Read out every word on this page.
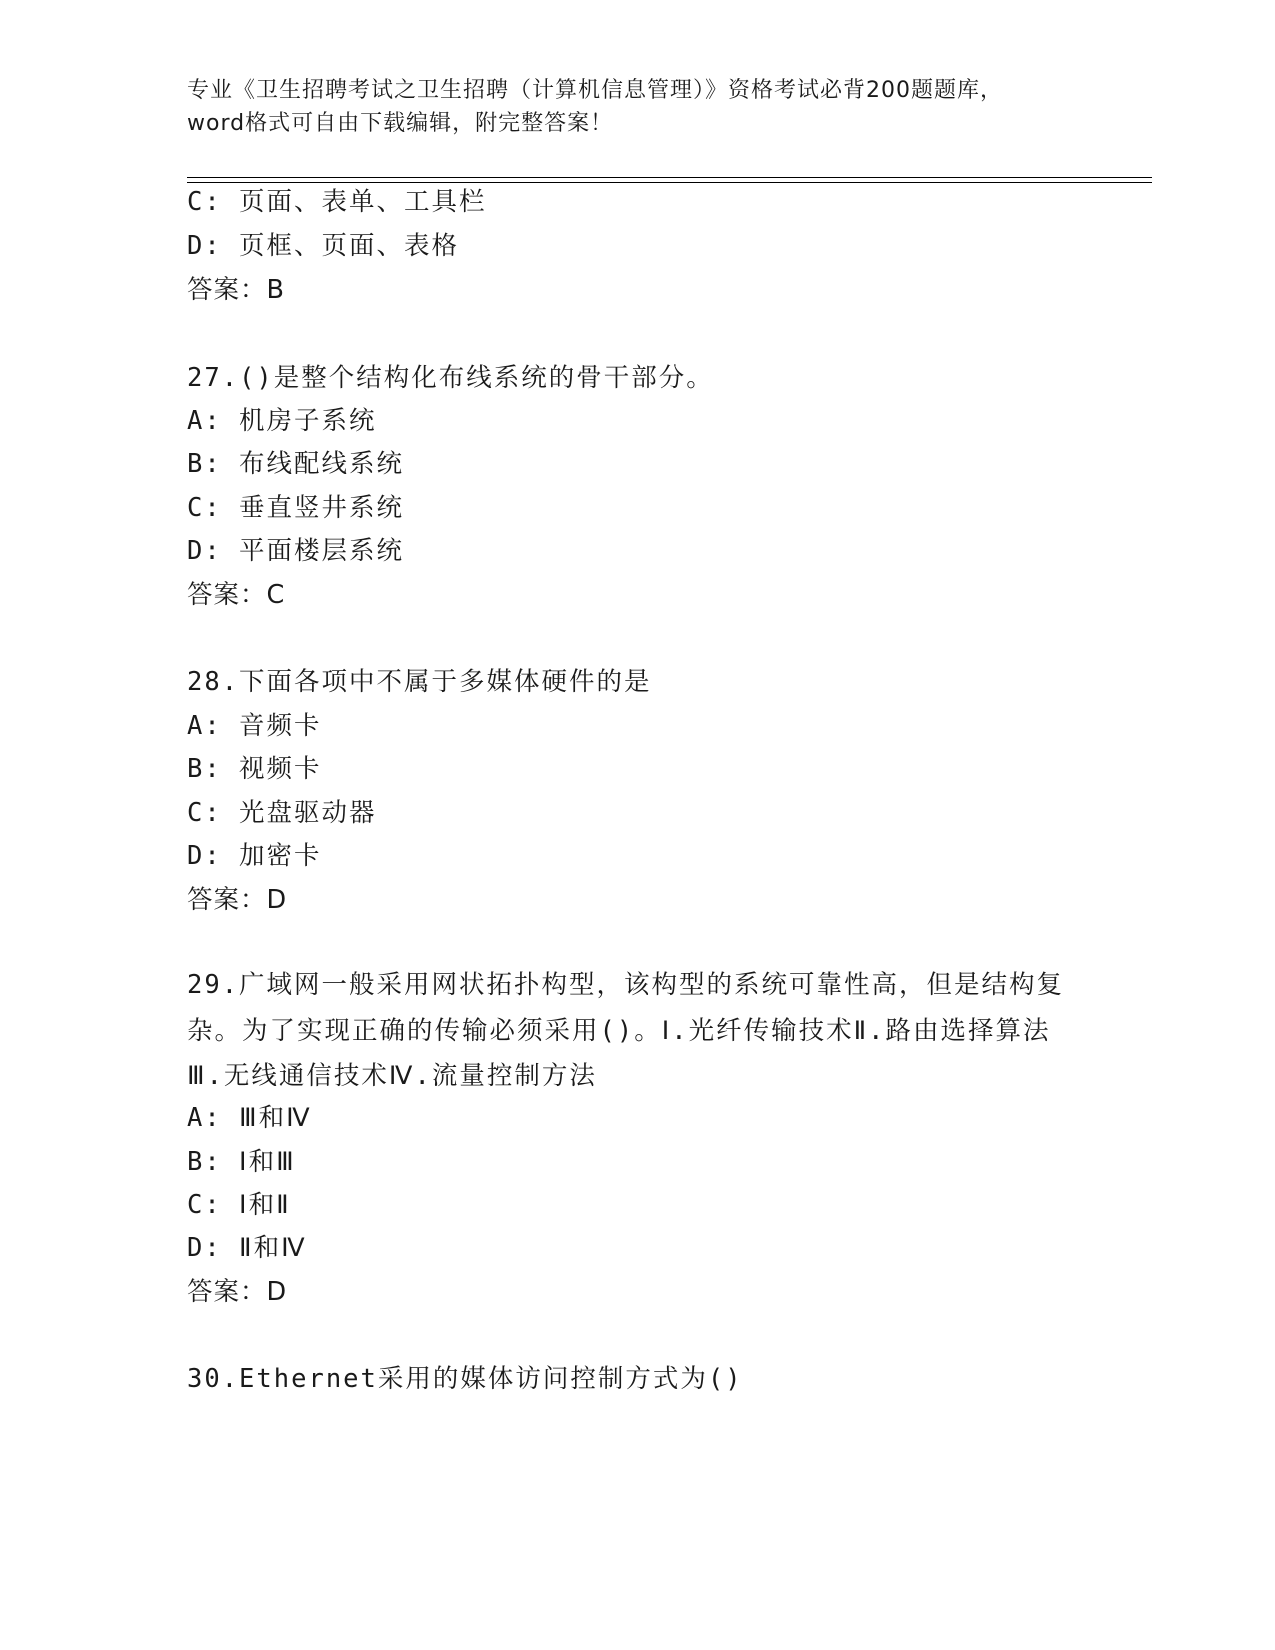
专业《卫生招聘考试之卫生招聘（计算机信息管理）》资格考试必背200题题库，
word格式可自由下载编辑，附完整答案！
C: 页面、表单、工具栏
D: 页框、页面、表格
答案：B
27.()是整个结构化布线系统的骨干部分。
A: 机房子系统
B: 布线配线系统
C: 垂直竖井系统
D: 平面楼层系统
答案：C
28.下面各项中不属于多媒体硬件的是
A: 音频卡
B: 视频卡
C: 光盘驱动器
D: 加密卡
答案：D
29.广域网一般采用网状拓扑构型，该构型的系统可靠性高，但是结构复杂。为了实现正确的传输必须采用()。Ⅰ.光纤传输技术Ⅱ.路由选择算法Ⅲ.无线通信技术Ⅳ.流量控制方法
A: Ⅲ和Ⅳ
B: Ⅰ和Ⅲ
C: Ⅰ和Ⅱ
D: Ⅱ和Ⅳ
答案：D
30.Ethernet采用的媒体访问控制方式为()
